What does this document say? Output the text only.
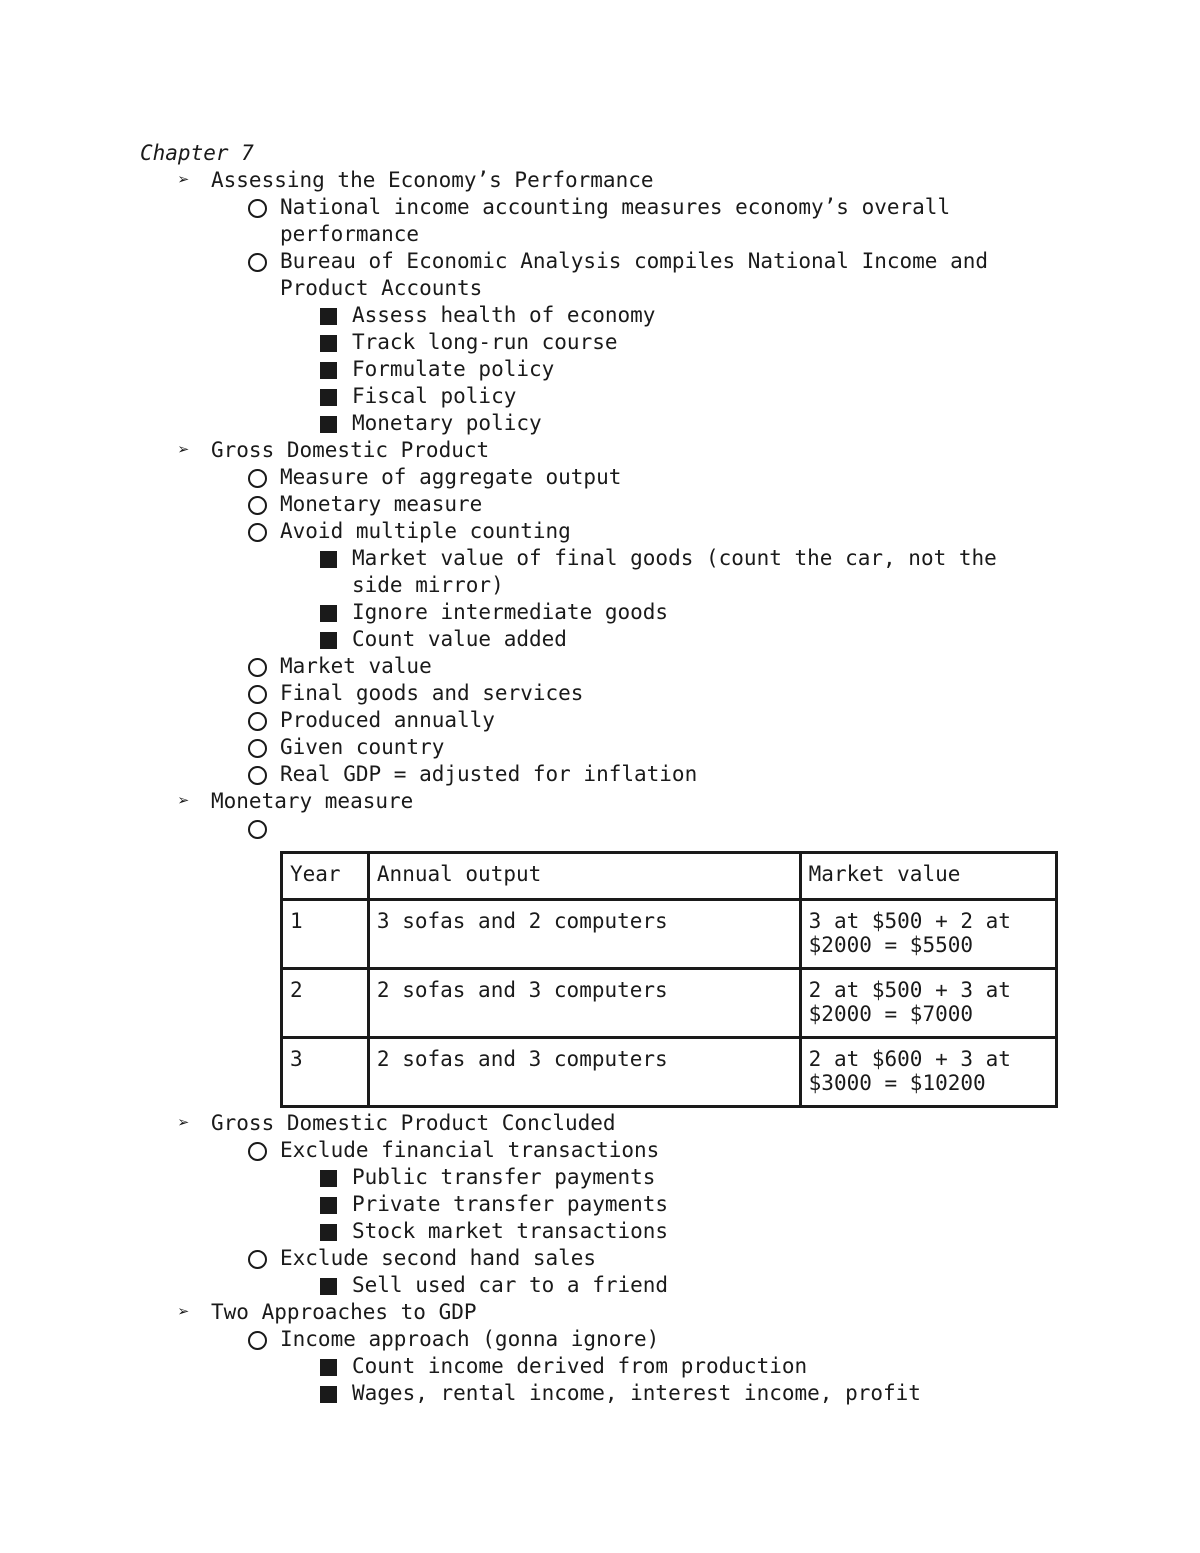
Chapter 7
➢ Assessing the Economy’s Performance
National income accounting measures economy’s overall
performance
Bureau of Economic Analysis compiles National Income and
Product Accounts
Assess health of economy
Track long-run course
Formulate policy
Fiscal policy
Monetary policy
➢ Gross Domestic Product
Measure of aggregate output
Monetary measure
Avoid multiple counting
Market value of final goods (count the car, not the
side mirror)
Ignore intermediate goods
Count value added
Market value
Final goods and services
Produced annually
Given country
Real GDP = adjusted for inflation
➢ Monetary measure
Year	Annual output	Market value
1	3 sofas and 2 computers	3 at $500 + 2 at
$2000 = $5500
2	2 sofas and 3 computers	2 at $500 + 3 at
$2000 = $7000
3	2 sofas and 3 computers	2 at $600 + 3 at
$3000 = $10200
➢ Gross Domestic Product Concluded
Exclude financial transactions
Public transfer payments
Private transfer payments
Stock market transactions
Exclude second hand sales
Sell used car to a friend
➢ Two Approaches to GDP
Income approach (gonna ignore)
Count income derived from production
Wages, rental income, interest income, profit
